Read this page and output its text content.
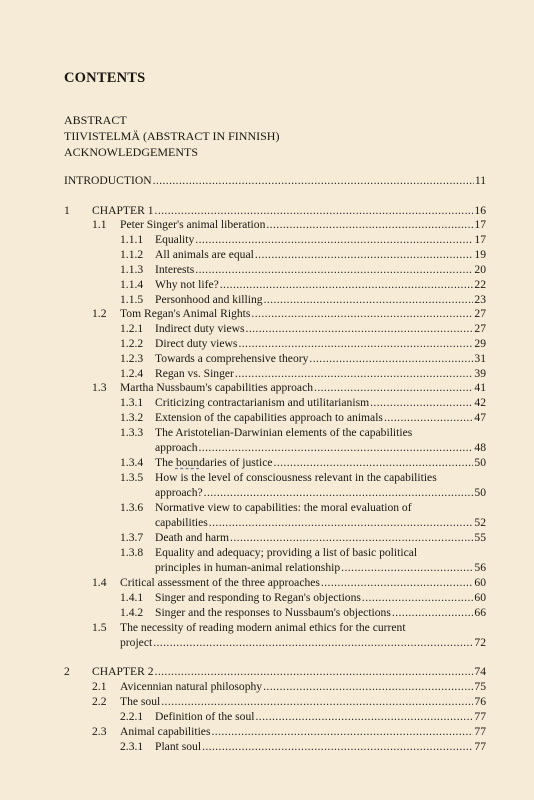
CONTENTS
ABSTRACT
TIIVISTELMÄ (ABSTRACT IN FINNISH)
ACKNOWLEDGEMENTS
INTRODUCTION .....	11
1 CHAPTER 1 .....	16
1.1 Peter Singer's animal liberation .....	17
1.1.1 Equality .....	17
1.1.2 All animals are equal .....	19
1.1.3 Interests .....	20
1.1.4 Why not life? .....	22
1.1.5 Personhood and killing .....	23
1.2 Tom Regan's Animal Rights .....	27
1.2.1 Indirect duty views .....	27
1.2.2 Direct duty views .....	29
1.2.3 Towards a comprehensive theory .....	31
1.2.4 Regan vs. Singer .....	39
1.3 Martha Nussbaum's capabilities approach .....	41
1.3.1 Criticizing contractarianism and utilitarianism .....	42
1.3.2 Extension of the capabilities approach to animals .....	47
1.3.3 The Aristotelian-Darwinian elements of the capabilities
approach .....	48
1.3.4 The boundaries of justice .....	50
1.3.5 How is the level of consciousness relevant in the capabilities
approach? .....	50
1.3.6 Normative view to capabilities: the moral evaluation of
capabilities .....	52
1.3.7 Death and harm .....	55
1.3.8 Equality and adequacy; providing a list of basic political
principles in human-animal relationship .....	56
1.4 Critical assessment of the three approaches .....	60
1.4.1 Singer and responding to Regan's objections .....	60
1.4.2 Singer and the responses to Nussbaum's objections .....	66
1.5 The necessity of reading modern animal ethics for the current
project .....	72
2 CHAPTER 2 .....	74
2.1 Avicennian natural philosophy .....	75
2.2 The soul .....	76
2.2.1 Definition of the soul .....	77
2.3 Animal capabilities .....	77
2.3.1 Plant soul .....	77
